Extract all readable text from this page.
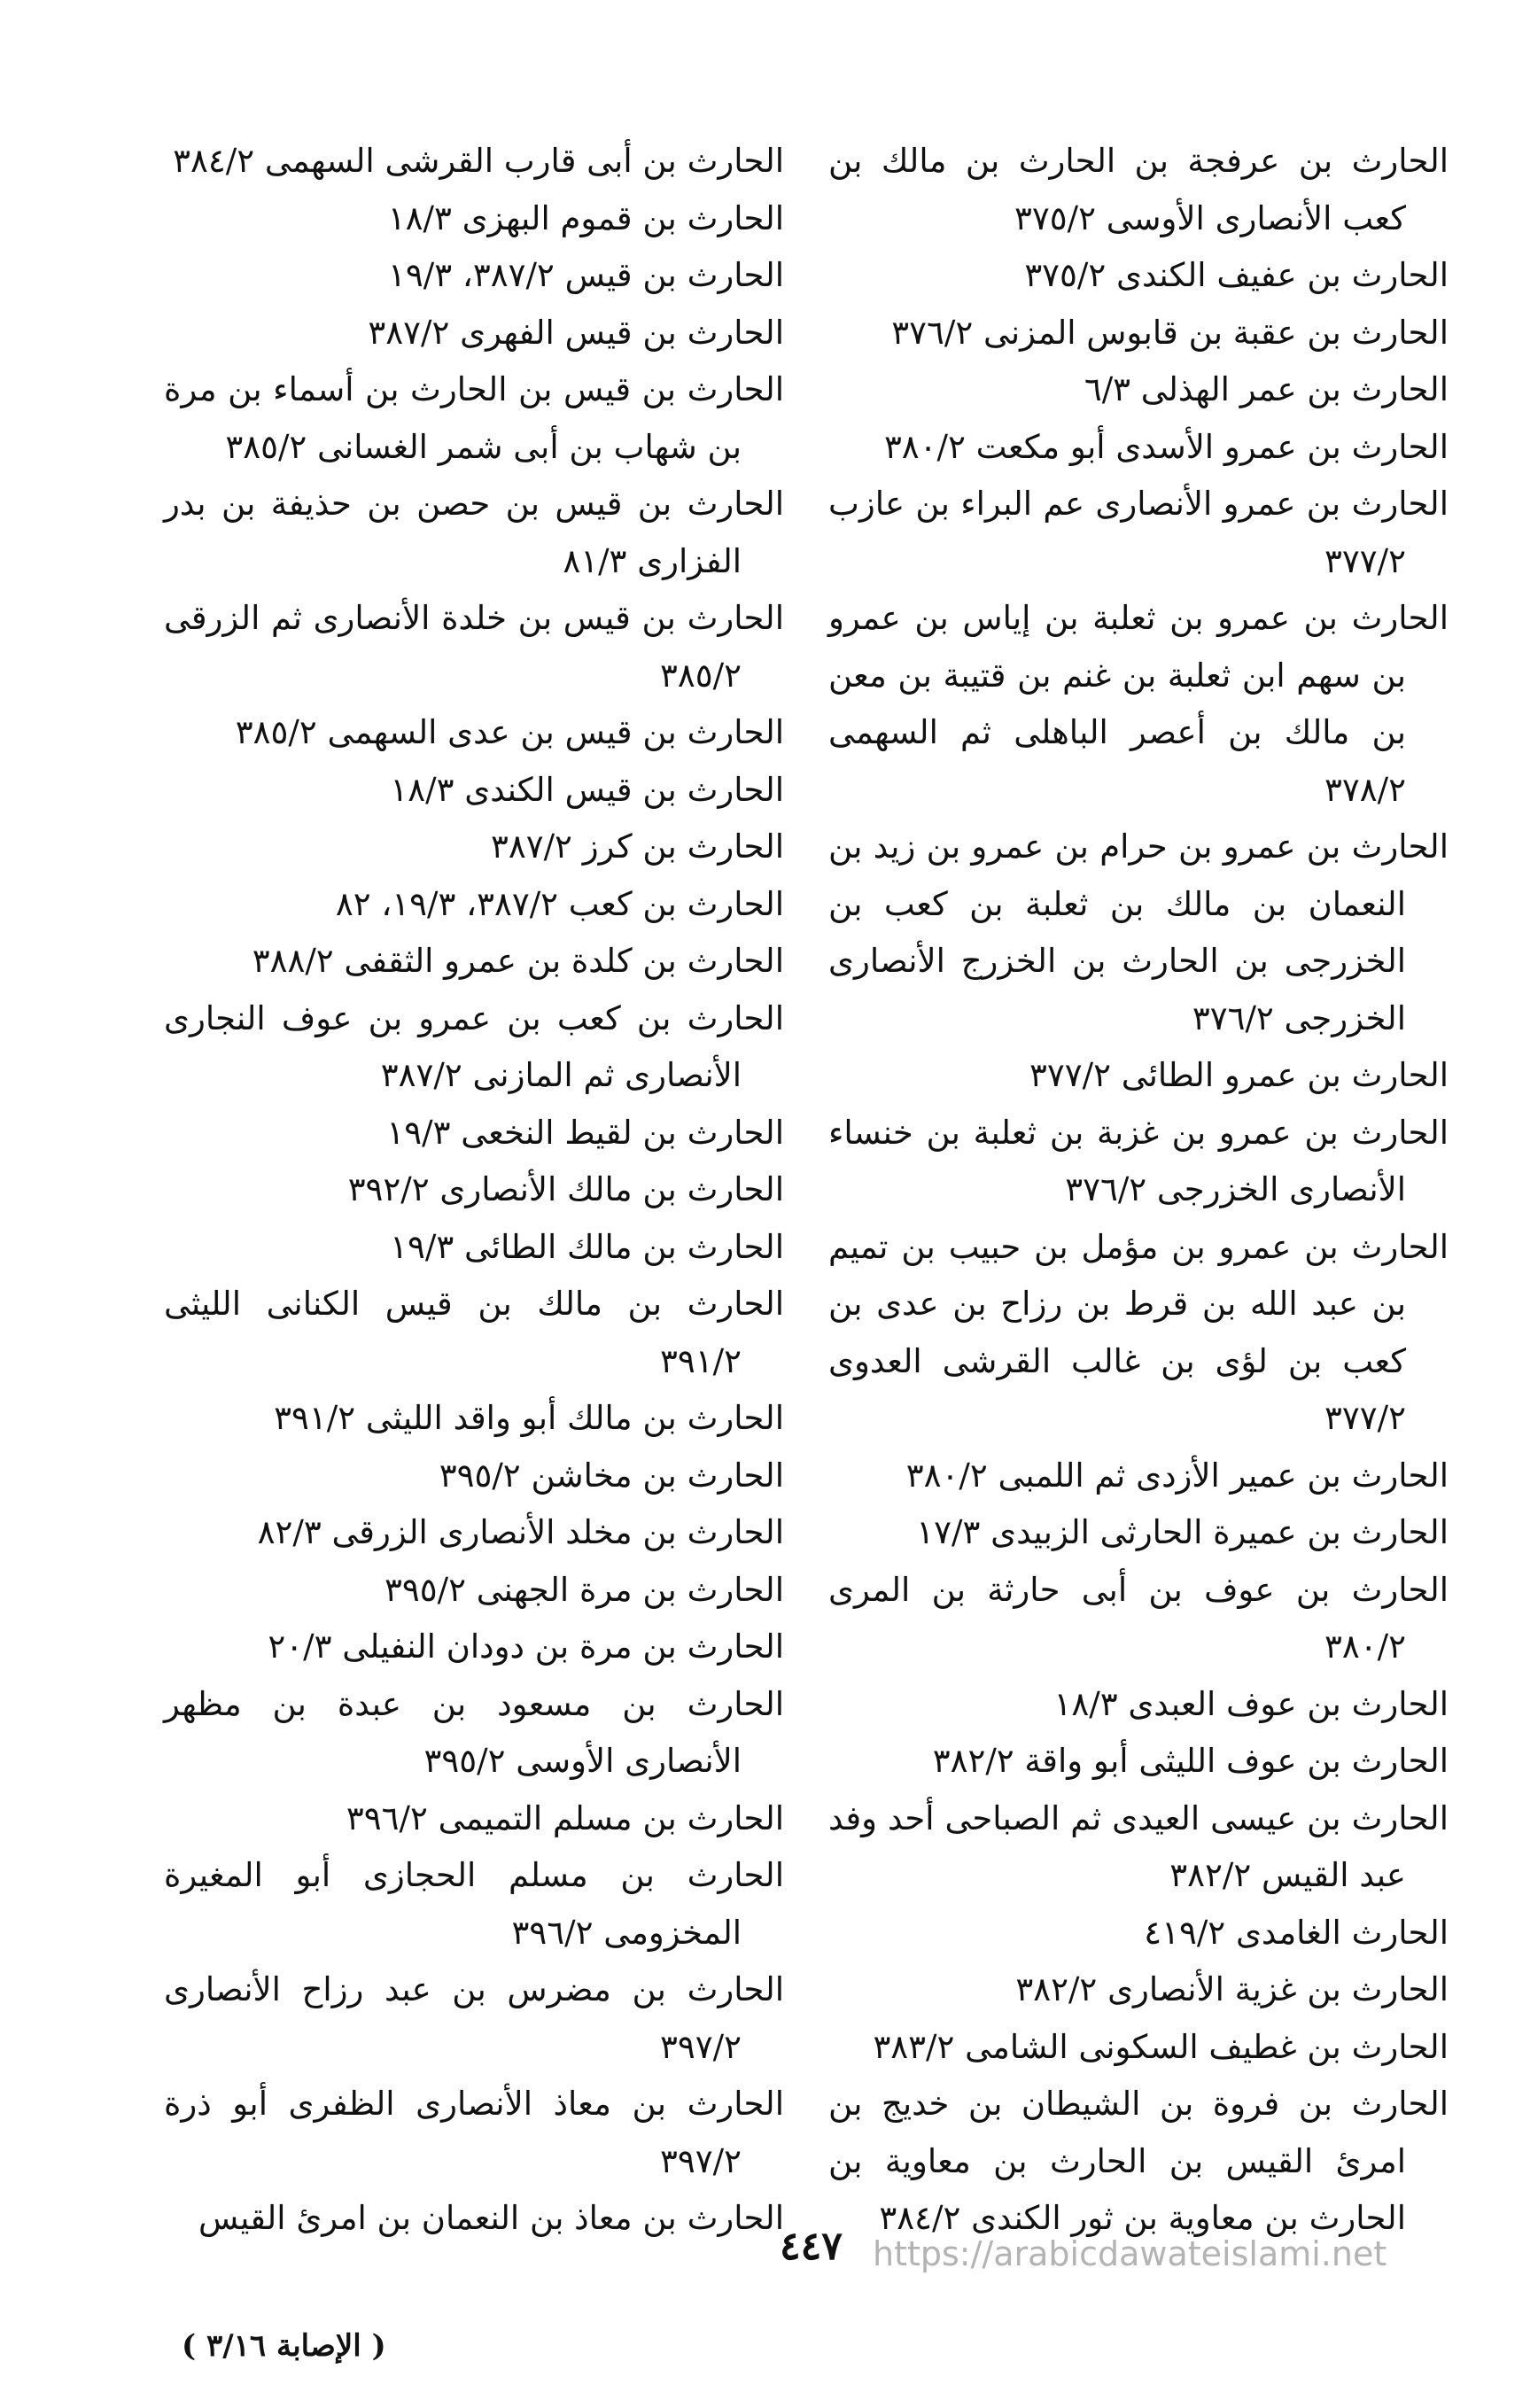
الحارث بن عرفجة بن الحارث بن مالك بن كعب الأنصارى الأوسى ٣٧٥/٢

الحارث بن عفيف الكندى ٣٧٥/٢

الحارث بن عقبة بن قابوس المزنى ٣٧٦/٢

الحارث بن عمر الهذلى ٦/٣

الحارث بن عمرو الأسدى أبو مكعت ٣٨٠/٢

الحارث بن عمرو الأنصارى عم البراء بن عازب ٣٧٧/٢

الحارث بن عمرو بن ثعلبة بن إياس بن عمرو بن سهم ابن ثعلبة بن غنم بن قتيبة بن معن بن مالك بن أعصر الباهلى ثم السهمى ٣٧٨/٢

الحارث بن عمرو بن حرام بن عمرو بن زيد بن النعمان بن مالك بن ثعلبة بن كعب بن الخزرجى بن الحارث بن الخزرج الأنصارى الخزرجى ٣٧٦/٢

الحارث بن عمرو الطائى ٣٧٧/٢

الحارث بن عمرو بن غزبة بن ثعلبة بن خنساء الأنصارى الخزرجى ٣٧٦/٢

الحارث بن عمرو بن مؤمل بن حبيب بن تميم بن عبد الله بن قرط بن رزاح بن عدى بن كعب بن لؤى بن غالب القرشى العدوى ٣٧٧/٢

الحارث بن عمير الأزدى ثم اللمبى ٣٨٠/٢

الحارث بن عميرة الحارثى الزبيدى ١٧/٣

الحارث بن عوف بن أبى حارثة بن المرى ٣٨٠/٢

الحارث بن عوف العبدى ١٨/٣

الحارث بن عوف الليثى أبو واقة ٣٨٢/٢

الحارث بن عيسى العيدى ثم الصباحى أحد وفد عبد القيس ٣٨٢/٢

الحارث الغامدى ٤١٩/٢

الحارث بن غزية الأنصارى ٣٨٢/٢

الحارث بن غطيف السكونى الشامى ٣٨٣/٢

الحارث بن فروة بن الشيطان بن خديج بن امرئ القيس بن الحارث بن معاوية بن الحارث بن معاوية بن ثور الكندى ٣٨٤/٢

الحارث بن أبى قارب القرشى السهمى ٣٨٤/٢

الحارث بن قموم البهزى ١٨/٣

الحارث بن قيس ٣٨٧/٢، ١٩/٣

الحارث بن قيس الفهرى ٣٨٧/٢

الحارث بن قيس بن الحارث بن أسماء بن مرة بن شهاب بن أبى شمر الغسانى ٣٨٥/٢

الحارث بن قيس بن حصن بن حذيفة بن بدر الفزارى ٨١/٣

الحارث بن قيس بن خلدة الأنصارى ثم الزرقى ٣٨٥/٢

الحارث بن قيس بن عدى السهمى ٣٨٥/٢

الحارث بن قيس الكندى ١٨/٣

الحارث بن كرز ٣٨٧/٢

الحارث بن كعب ٣٨٧/٢، ١٩/٣، ٨٢

الحارث بن كلدة بن عمرو الثقفى ٣٨٨/٢

الحارث بن كعب بن عمرو بن عوف النجارى الأنصارى ثم المازنى ٣٨٧/٢

الحارث بن لقيط النخعى ١٩/٣

الحارث بن مالك الأنصارى ٣٩٢/٢

الحارث بن مالك الطائى ١٩/٣

الحارث بن مالك بن قيس الكنانى الليثى ٣٩١/٢

الحارث بن مالك أبو واقد الليثى ٣٩١/٢

الحارث بن مخاشن ٣٩٥/٢

الحارث بن مخلد الأنصارى الزرقى ٨٢/٣

الحارث بن مرة الجهنى ٣٩٥/٢

الحارث بن مرة بن دودان النفيلى ٢٠/٣

الحارث بن مسعود بن عبدة بن مظهر الأنصارى الأوسى ٣٩٥/٢

الحارث بن مسلم التميمى ٣٩٦/٢

الحارث بن مسلم الحجازى أبو المغيرة المخزومى ٣٩٦/٢

الحارث بن مضرس بن عبد رزاح الأنصارى ٣٩٧/٢

الحارث بن معاذ الأنصارى الظفرى أبو ذرة ٣٩٧/٢

الحارث بن معاذ بن النعمان بن امرئ القيس

٤٤٧ https://arabicdawateislami.net
( الإصابة ٣/١٦ )
